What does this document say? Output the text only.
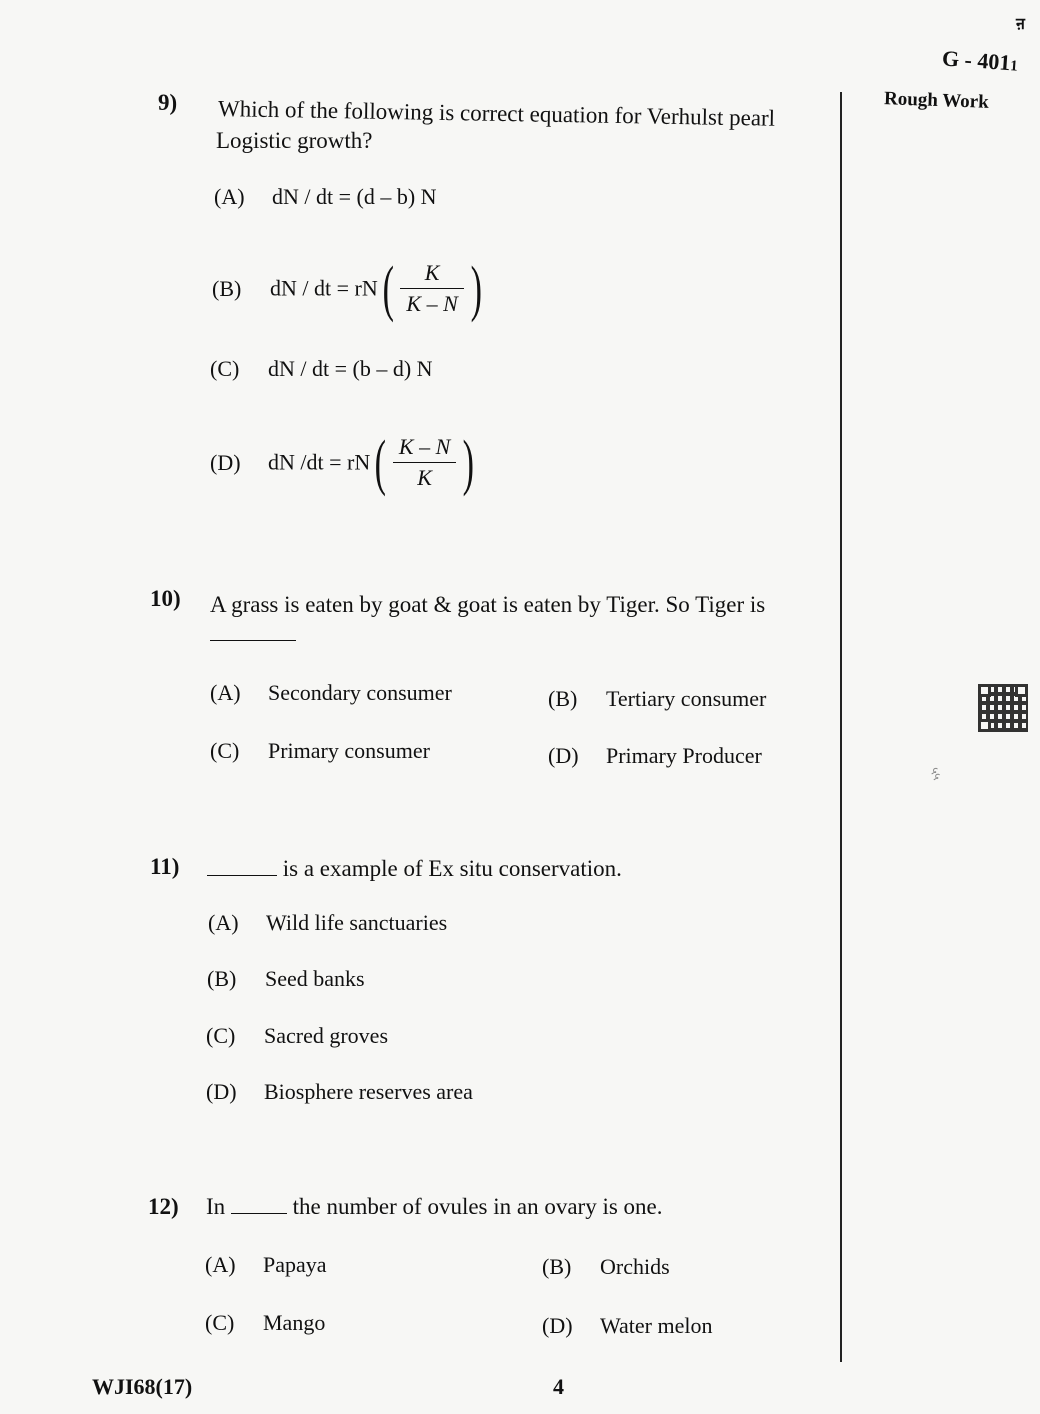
ऩ
G - 4011
Rough Work
५५
9) Which of the following is correct equation for Verhulst pearl
Logistic growth?
(A) dN / dt = (d – b) N
(B) dN / dt = $rN( \frac{K}{K - N}$ )
(C) dN / dt = (b – d) N
(D) dN $/dt = rN( \frac{K - N}{K}$ )
10) A grass is eaten by goat & goat is eaten by Tiger. So Tiger is
(A) Secondary consumer	(B) Tertiary consumer
(C) Primary consumer	(D) Primary Producer
11)	is a example of Ex situ conservation.
(A) Wild life sanctuaries
(B) Seed banks
(C) Sacred groves
(D) Biosphere reserves area
12) In	the number of ovules in an ovary is one.
(A) Papaya	(B) Orchids
(C) Mango	(D) Water melon
WJI68(17)	4
